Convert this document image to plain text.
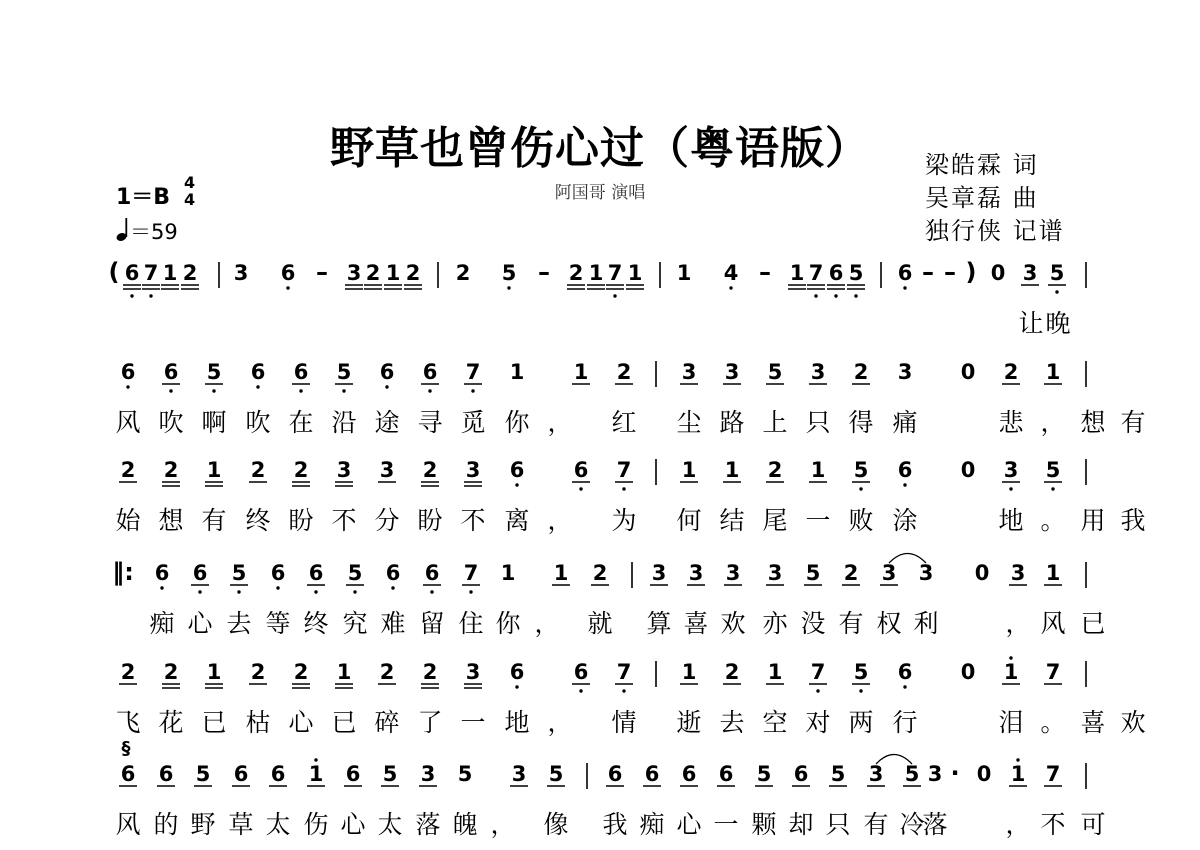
野草也曾伤心过（粤语版）
阿国哥 演唱
梁皓霖 词
吴章磊 曲
独行侠 记谱
1＝B
4
4
＝59
( 6 7 1 2 3 6 – 3 2 1 2 2 5 – 2 1 7 1 1 4 – 1 7 6 5 6 – – ) 0 3 5
让 晚
6 6 5 6 6 5 6 6 7 1 1 2 3 3 5 3 2 3 0 2 1
风 吹 啊 吹 在 沿 途 寻 觅 你 ， 红 尘 路 上 只 得 痛	悲 ， 想 有
2 2 1 2 2 3 3 2 3 6 6 7 1 1 2 1 5 6 0 3 5
始 想 有 终 盼 不 分 盼 不 离 ， 为 何 结 尾 一 败 涂	地 。 用 我
‖: 6 6 5 6 6 5 6 6 7 1 1 2 3 3 3 3 5 2 3 3 0 3 1
痴 心 去 等 终 究 难 留 住 你 ， 就 算 喜 欢 亦 没 有 权 利	， 风 已
2 2 1 2 2 1 2 2 3 6 6 7 1 2 1 7 5 6 0 1 7
飞 花 已 枯 心 已 碎 了 一 地 ， 情 逝 去 空 对 两 行	泪 。 喜 欢
6 6 5 6 6 1 6 5 3 5 3 5 6 6 6 6 5 6 5 3 5 3 · 0 1 7
§
风 的 野 草 太 伤 心 太 落 魄 ， 像 我 痴 心 一 颗 却 只 有 冷
落 ， 不 可
